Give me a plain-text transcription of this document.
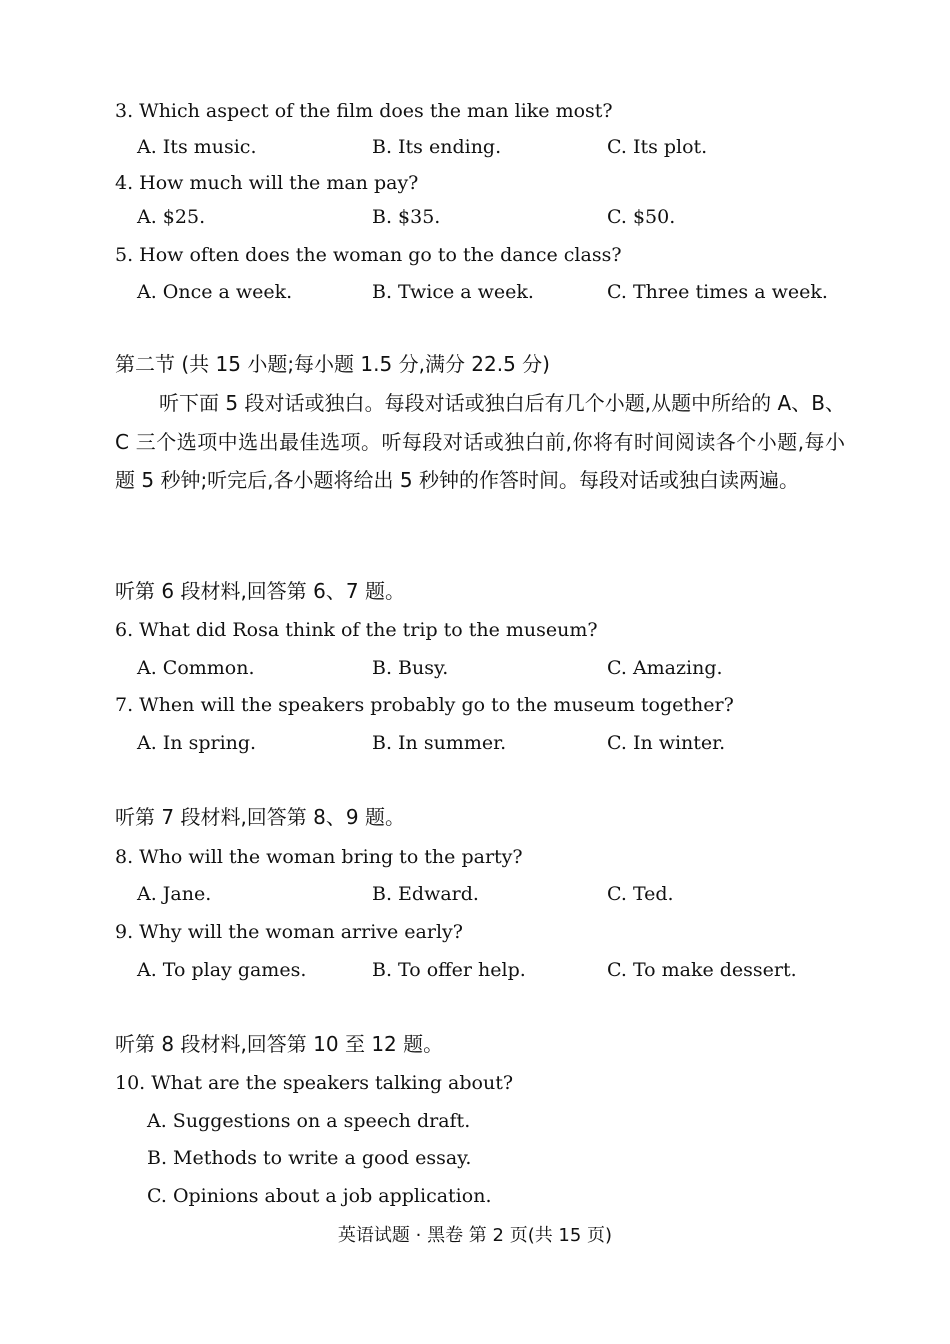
3. Which aspect of the film does the man like most?
A. Its music.	B. Its ending.	C. Its plot.
4. How much will the man pay?
A. $25.	B. $35.	C. $50.
5. How often does the woman go to the dance class?
A. Once a week.	B. Twice a week.	C. Three times a week.
第二节 (共 15 小题;每小题 1.5 分,满分 22.5 分)
听下面 5 段对话或独白。每段对话或独白后有几个小题,从题中所给的 A、B、C 三个选项中选出最佳选项。听每段对话或独白前,你将有时间阅读各个小题,每小题 5 秒钟;听完后,各小题将给出 5 秒钟的作答时间。每段对话或独白读两遍。
听第 6 段材料,回答第 6、7 题。
6. What did Rosa think of the trip to the museum?
A. Common.	B. Busy.	C. Amazing.
7. When will the speakers probably go to the museum together?
A. In spring.	B. In summer.	C. In winter.
听第 7 段材料,回答第 8、9 题。
8. Who will the woman bring to the party?
A. Jane.	B. Edward.	C. Ted.
9. Why will the woman arrive early?
A. To play games.	B. To offer help.	C. To make dessert.
听第 8 段材料,回答第 10 至 12 题。
10. What are the speakers talking about?
A. Suggestions on a speech draft.
B. Methods to write a good essay.
C. Opinions about a job application.
英语试题 · 黑卷 第 2 页(共 15 页)
